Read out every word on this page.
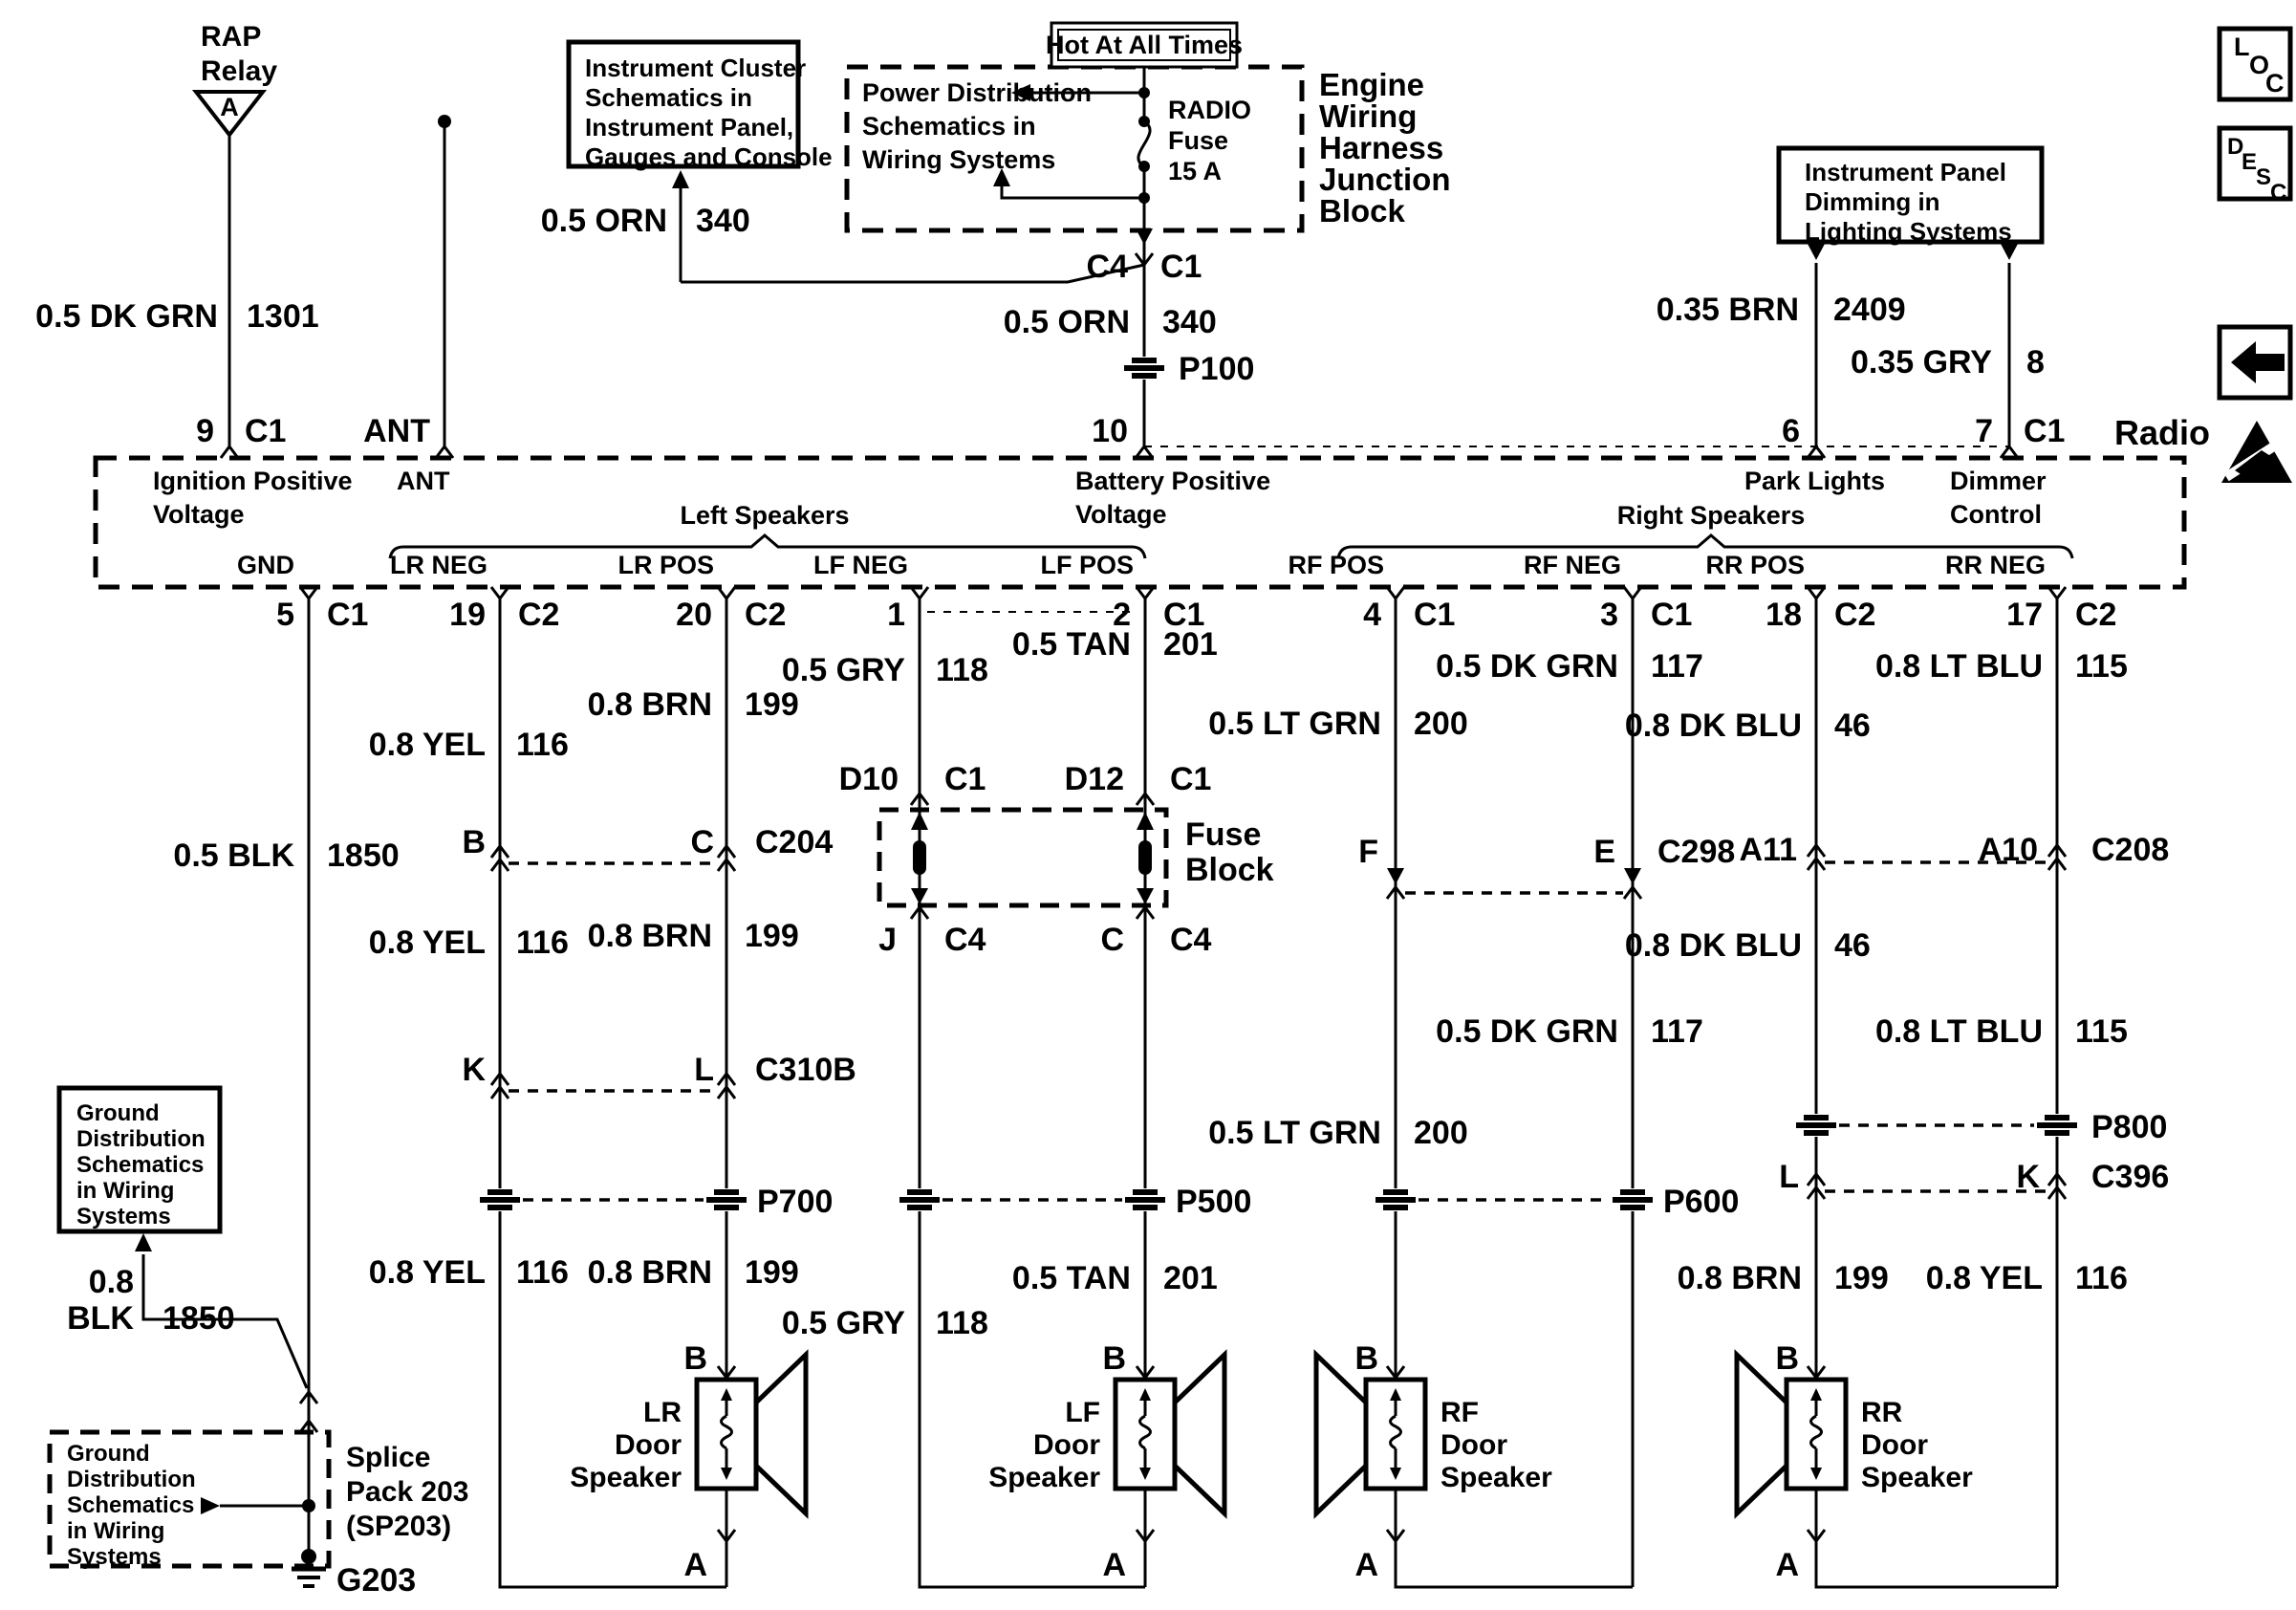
RAP
Relay
A
0.5 DK GRN 1301
9 C1 ANT
Instrument Cluster
Schematics in
Instrument Panel,
Gauges and Console
0.5 ORN 340
Hot At All Times
Power Distribution
Schematics in
Wiring Systems
RADIO
Fuse
15 A
Engine
Wiring
Harness
Junction
Block
C4 C1
0.5 ORN 340
P100
10
Instrument Panel
Dimming in
Lighting Systems
0.35 BRN 2409
0.35 GRY 8
6	7 C1 Radio
L
O
C
D
E
S
C
Ignition Positive
Voltage
ANT	Battery Positive
Voltage
Park Lights	Dimmer
Control
Left Speakers	Right Speakers
GND	LR NEG	LR POS	LF NEG	LF POS	RF POS	RF NEG	RR POS	RR NEG
5 C1 19 C2	20 C2	1	2 C1	4 C1	3 C1 18 C2	17 C2
0.8 YEL 116
0.8 BRN 199
0.5 GRY 118
0.5 TAN 201
0.5 BLK 1850
0.8 YEL 116 0.8 BRN 199
0.8 YEL 116 0.8 BRN 199
0.5 GRY 118
0.5 TAN 201
0.5 LT GRN 200
0.5 DK GRN 117
0.8 DK BLU 46
0.8 LT BLU 115
0.8 DK BLU 46
0.5 DK GRN 117	0.8 LT BLU 115
0.5 LT GRN 200
0.8 BRN 199 0.8 YEL 116
B	C C204
K	L C310B
D10 C1 D12 C1
Fuse
Block
J C4	C C4
F	E C298 A11	A10 C208
P700	P500	P600
P800
L	K C396
LR
Door
Speaker
B
A
LF
Door
Speaker
B
A
RF
Door
Speaker
B
A
RR
Door
Speaker
B
A
Ground
Distribution
Schematics
in Wiring
Systems
0.8
BLK 1850
Ground
Distribution
Schematics
in Wiring
Systems
Splice
Pack 203
(SP203)
G203
